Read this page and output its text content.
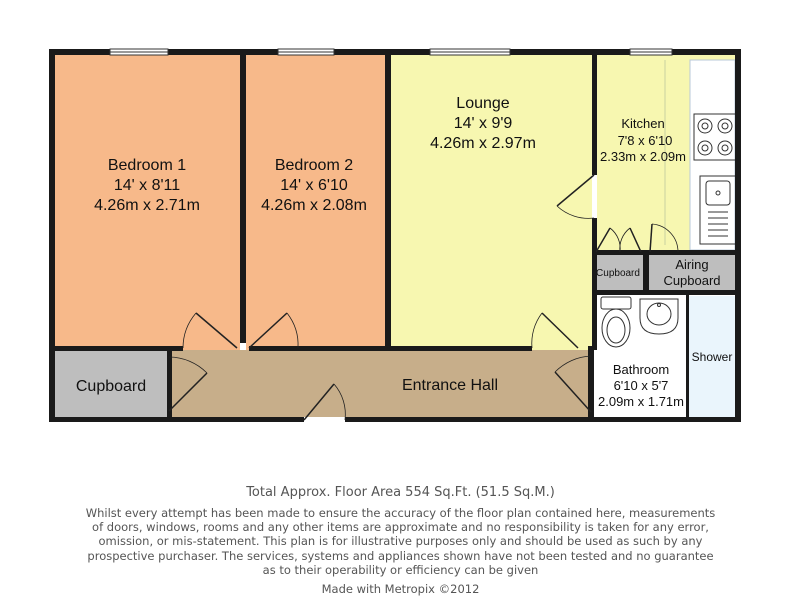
Bedroom 1
14' x 8'11
4.26m x 2.71m
Bedroom 2
14' x 6'10
4.26m x 2.08m
Lounge
14' x 9'9
4.26m x 2.97m
Kitchen
7'8 x 6'10
2.33m x 2.09m
Entrance Hall
Cupboard
Cupboard
Airing
Cupboard
Bathroom
6'10 x 5'7
2.09m x 1.71m
Shower
Total Approx. Floor Area 554 Sq.Ft. (51.5 Sq.M.)
Whilst every attempt has been made to ensure the accuracy of the floor plan contained here, measurements
of doors, windows, rooms and any other items are approximate and no responsibility is taken for any error,
omission, or mis-statement. This plan is for illustrative purposes only and should be used as such by any
prospective purchaser. The services, systems and appliances shown have not been tested and no guarantee
as to their operability or efficiency can be given
Made with Metropix ©2012
